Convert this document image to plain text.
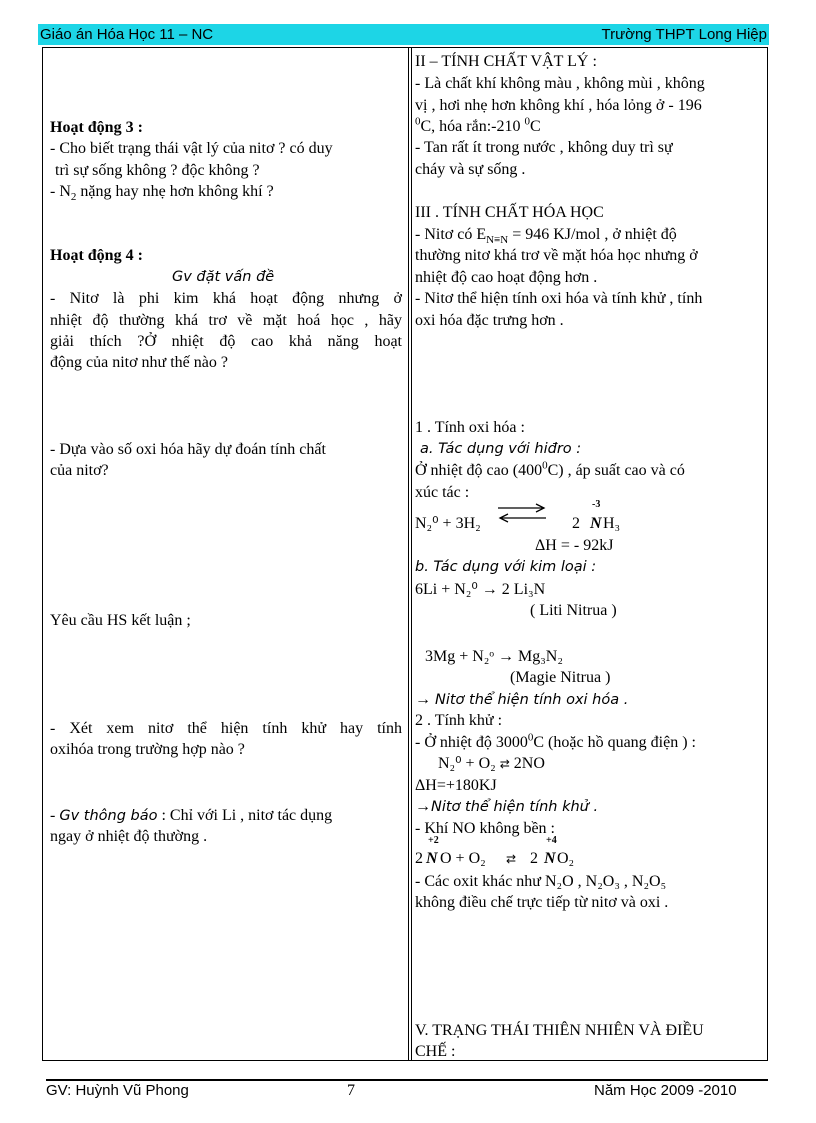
Giáo án Hóa Học 11 – NC	Trường THPT Long Hiệp
Hoạt động 3 :
- Cho biết trạng thái vật lý của nitơ ? có duy
trì sự sống không ? độc không ?
- $N_2$ nặng hay nhẹ hơn không khí ?
Hoạt động 4 :
Gv đặt vấn đề
- Nitơ là phi kim khá hoạt động nhưng ở
nhiệt độ thường khá trơ về mặt hoá học , hãy
giải thích ?Ở nhiệt độ cao khả năng hoạt
động của nitơ như thế nào ?
- Dựa vào số oxi hóa hãy dự đoán tính chất
của nitơ?
Yêu cầu HS kết luận ;
- Xét xem nitơ thể hiện tính khử hay tính
oxihóa trong trường hợp nào ?
- Gv thông báo : Chỉ với Li , nitơ tác dụng
ngay ở nhiệt độ thường .
II – TÍNH CHẤT VẬT LÝ :
- Là chất khí không màu , không mùi , không
vị , hơi nhẹ hơn không khí , hóa lỏng ở - 196
$^0$C, hóa rắn:-210 $^0$C
- Tan rất ít trong nước , không duy trì sự
cháy và sự sống .
III . TÍNH CHẤT HÓA HỌC
- Nitơ có $E_{N\equiv N} = 946$ KJ/mol , ở nhiệt độ
thường nitơ khá trơ về mặt hóa học nhưng ở
nhiệt độ cao hoạt động hơn .
- Nitơ thể hiện tính oxi hóa và tính khử , tính
oxi hóa đặc trưng hơn .
1 . Tính oxi hóa :
a. Tác dụng với hiđro :
Ở nhiệt độ cao $(400^0C)$ , áp suất cao và có
xúc tác :
N₂⁰ + 3H₂ ⇌ 2
-3
N H₃
ΔH = - 92kJ
b. Tác dụng với kim loại :
6Li + N₂⁰ → 2 Li₃N
( Liti Nitrua )
3Mg + N₂ᵒ → Mg₃N₂
(Magie Nitrua )
→ Nitơ thể hiện tính oxi hóa .
2 . Tính khử :
- Ở nhiệt độ 3000$^0$C (hoặc hồ quang điện ) :
N₂⁰ + O₂ ⇄ 2NO
ΔH=+180KJ
→Nitơ thể hiện tính khử .
- Khí NO không bền :
2
+2
N O + O₂ ⇄ 2
+4
N O₂
- Các oxit khác như N₂O , N₂O₃ , N₂O₅
không điều chế trực tiếp từ nitơ và oxi .
V. TRẠNG THÁI THIÊN NHIÊN VÀ ĐIỀU
CHẾ :
GV: Huỳnh Vũ Phong	7	Năm Học 2009 -2010
